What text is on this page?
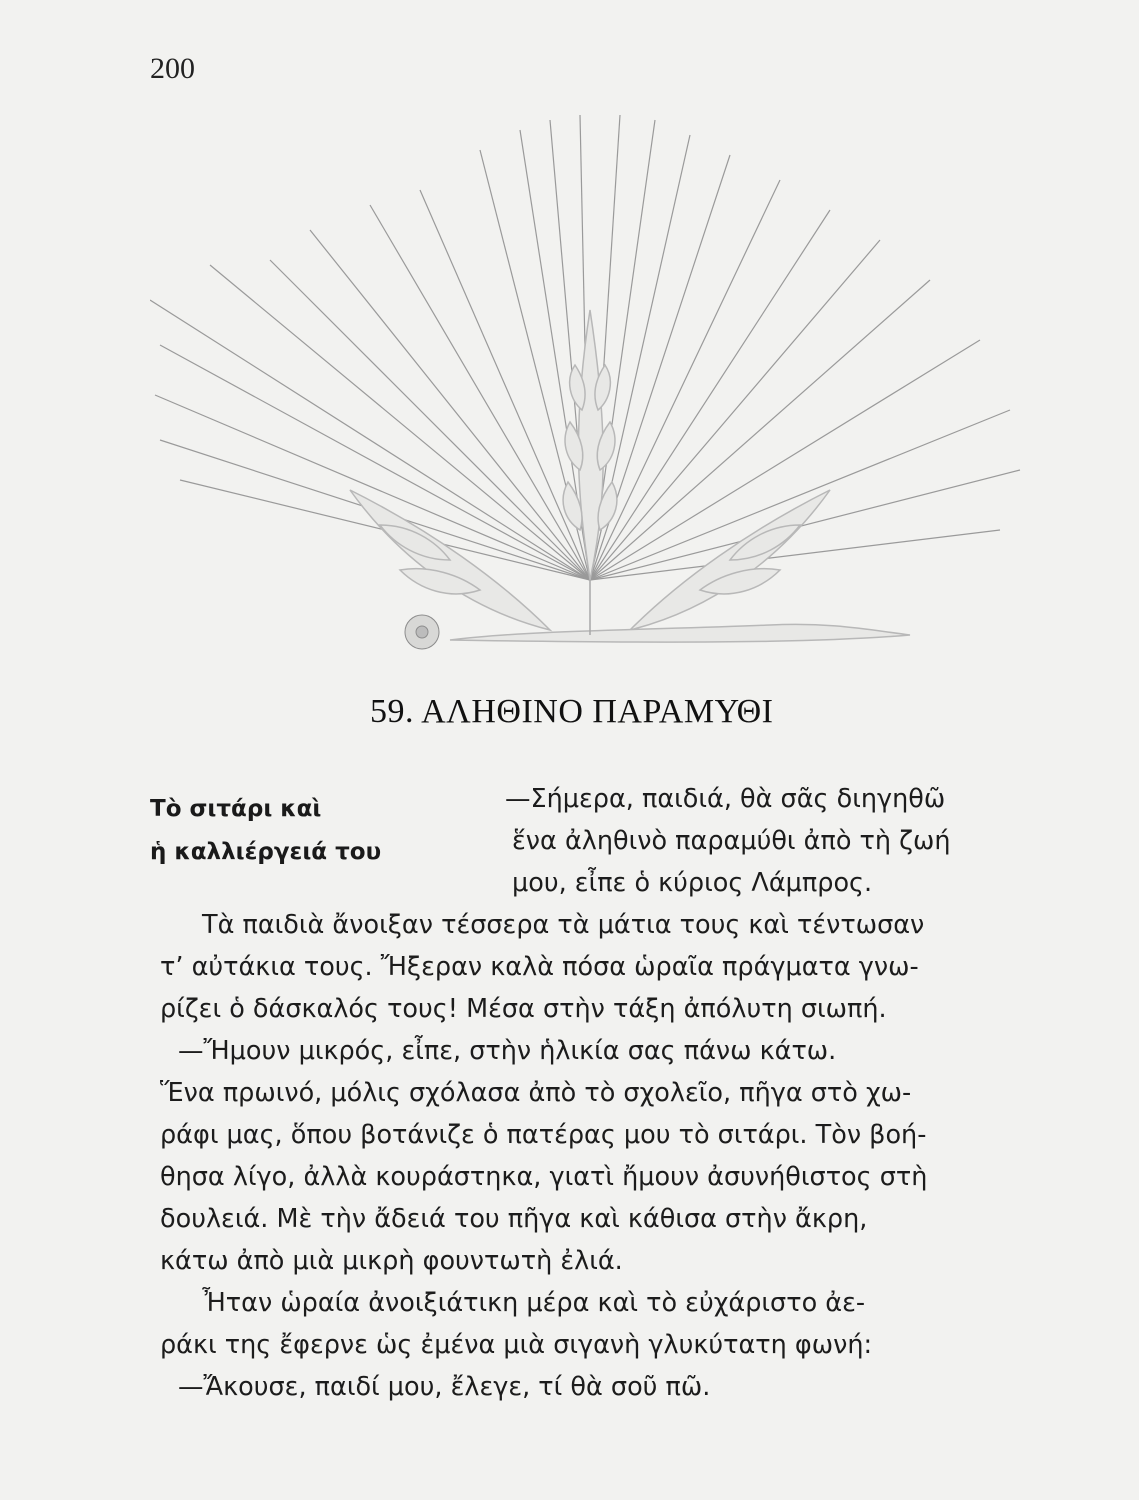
200
59. ΑΛΗΘΙΝΟ ΠΑΡΑΜΥΘΙ
Τὸ σιτάρι καὶ
ἡ καλλιέργειά του
—Σήμερα, παιδιά, θὰ σᾶς διηγηθῶ
ἕνα ἀληθινὸ παραμύθι ἀπὸ τὴ ζωή
μου, εἶπε ὁ κύριος Λάμπρος.
Τὰ παιδιὰ ἄνοιξαν τέσσερα τὰ μάτια τους καὶ τέντωσαν
τ’ αὐτάκια τους. Ἤξεραν καλὰ πόσα ὡραῖα πράγματα γνω-
ρίζει ὁ δάσκαλός τους! Μέσα στὴν τάξη ἀπόλυτη σιωπή.
—Ἤμουν μικρός, εἶπε, στὴν ἡλικία σας πάνω κάτω.
Ἕνα πρωινό, μόλις σχόλασα ἀπὸ τὸ σχολεῖο, πῆγα στὸ χω-
ράφι μας, ὅπου βοτάνιζε ὁ πατέρας μου τὸ σιτάρι. Τὸν βοή-
θησα λίγο, ἀλλὰ κουράστηκα, γιατὶ ἤμουν ἀσυνήθιστος στὴ
δουλειά. Μὲ τὴν ἄδειά του πῆγα καὶ κάθισα στὴν ἄκρη,
κάτω ἀπὸ μιὰ μικρὴ φουντωτὴ ἐλιά.
Ἦταν ὡραία ἀνοιξιάτικη μέρα καὶ τὸ εὐχάριστο ἀε-
ράκι της ἔφερνε ὡς ἐμένα μιὰ σιγανὴ γλυκύτατη φωνή:
—Ἄκουσε, παιδί μου, ἔλεγε, τί θὰ σοῦ πῶ.
